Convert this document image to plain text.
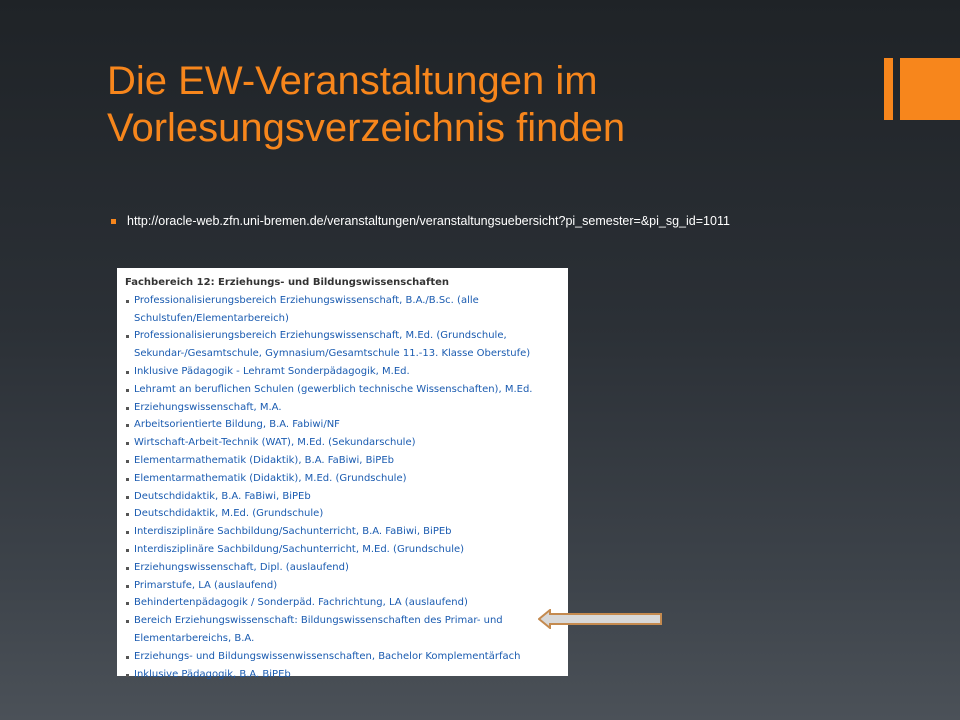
Die EW-Veranstaltungen im
Vorlesungsverzeichnis finden
http://oracle-web.zfn.uni-bremen.de/veranstaltungen/veranstaltungsuebersicht?pi_semester=&pi_sg_id=1011
Fachbereich 12: Erziehungs- und Bildungswissenschaften
Professionalisierungsbereich Erziehungswissenschaft, B.A./B.Sc. (alle Schulstufen/Elementarbereich)
Professionalisierungsbereich Erziehungswissenschaft, M.Ed. (Grundschule, Sekundar-/Gesamtschule, Gymnasium/Gesamtschule 11.-13. Klasse Oberstufe)
Inklusive Pädagogik - Lehramt Sonderpädagogik, M.Ed.
Lehramt an beruflichen Schulen (gewerblich technische Wissenschaften), M.Ed.
Erziehungswissenschaft, M.A.
Arbeitsorientierte Bildung, B.A. Fabiwi/NF
Wirtschaft-Arbeit-Technik (WAT), M.Ed. (Sekundarschule)
Elementarmathematik (Didaktik), B.A. FaBiwi, BiPEb
Elementarmathematik (Didaktik), M.Ed. (Grundschule)
Deutschdidaktik, B.A. FaBiwi, BiPEb
Deutschdidaktik, M.Ed. (Grundschule)
Interdisziplinäre Sachbildung/Sachunterricht, B.A. FaBiwi, BiPEb
Interdisziplinäre Sachbildung/Sachunterricht, M.Ed. (Grundschule)
Erziehungswissenschaft, Dipl. (auslaufend)
Primarstufe, LA (auslaufend)
Behindertenpädagogik / Sonderpäd. Fachrichtung, LA (auslaufend)
Bereich Erziehungswissenschaft: Bildungswissenschaften des Primar- und Elementarbereichs, B.A.
Erziehungs- und Bildungswissenwissenschaften, Bachelor Komplementärfach
Inklusive Pädagogik, B.A. BiPEb
